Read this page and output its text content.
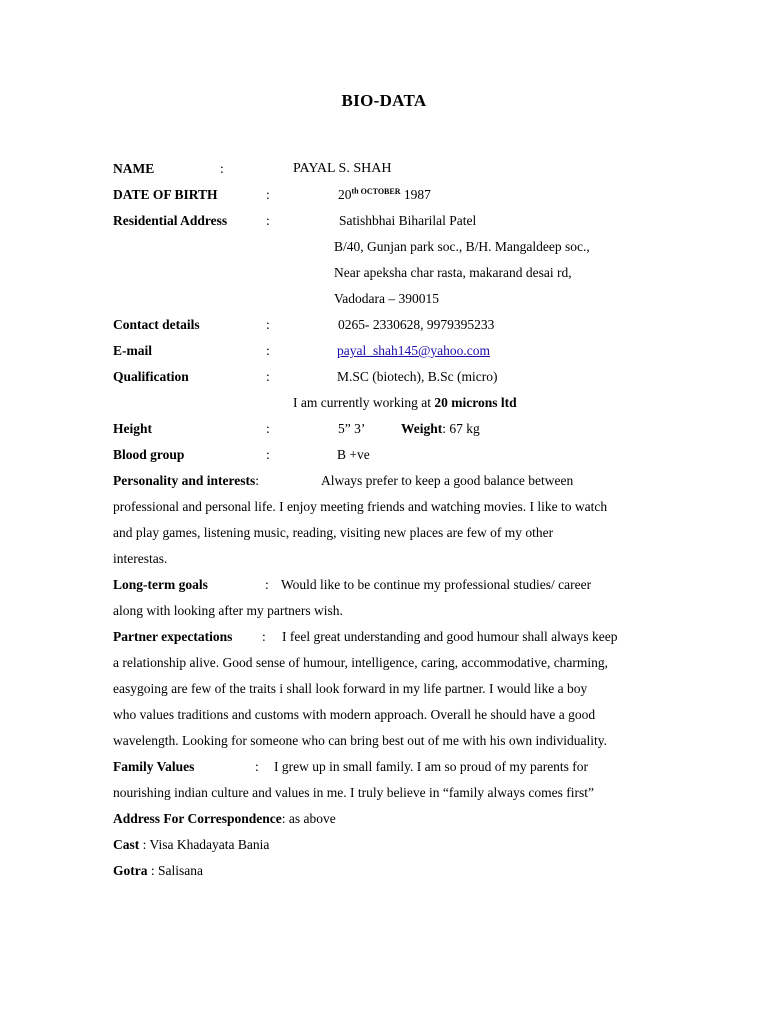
BIO-DATA
NAME	:	PAYAL S. SHAH
DATE OF BIRTH	:	20th $^{OCTOBER}$ 1987
Residential Address	:	Satishbhai Biharilal Patel
B/40, Gunjan park soc., B/H. Mangaldeep soc.,
Near apeksha char rasta, makarand desai rd,
Vadodara – 390015
Contact details	:	0265- 2330628, 9979395233
E-mail	:	payal_shah145@yahoo.com
Qualification	:	M.SC (biotech), B.Sc (micro)
I am currently working at 20 microns ltd
Height	:	5” 3’	Weight: 67 kg
Blood group	:	B +ve
Personality and interests:	Always prefer to keep a good balance between
professional and personal life. I enjoy meeting friends and watching movies. I like to watch
and play games, listening music, reading, visiting new places are few of my other
interestas.
Long-term goals	: Would like to be continue my professional studies/ career
along with looking after my partners wish.
Partner expectations : I feel great understanding and good humour shall always keep
a relationship alive. Good sense of humour, intelligence, caring, accommodative, charming,
easygoing are few of the traits i shall look forward in my life partner. I would like a boy
who values traditions and customs with modern approach. Overall he should have a good
wavelength. Looking for someone who can bring best out of me with his own individuality.
Family Values	: I grew up in small family. I am so proud of my parents for
nourishing indian culture and values in me. I truly believe in “family always comes first”
Address For Correspondence: as above
Cast : Visa Khadayata Bania
Gotra : Salisana
